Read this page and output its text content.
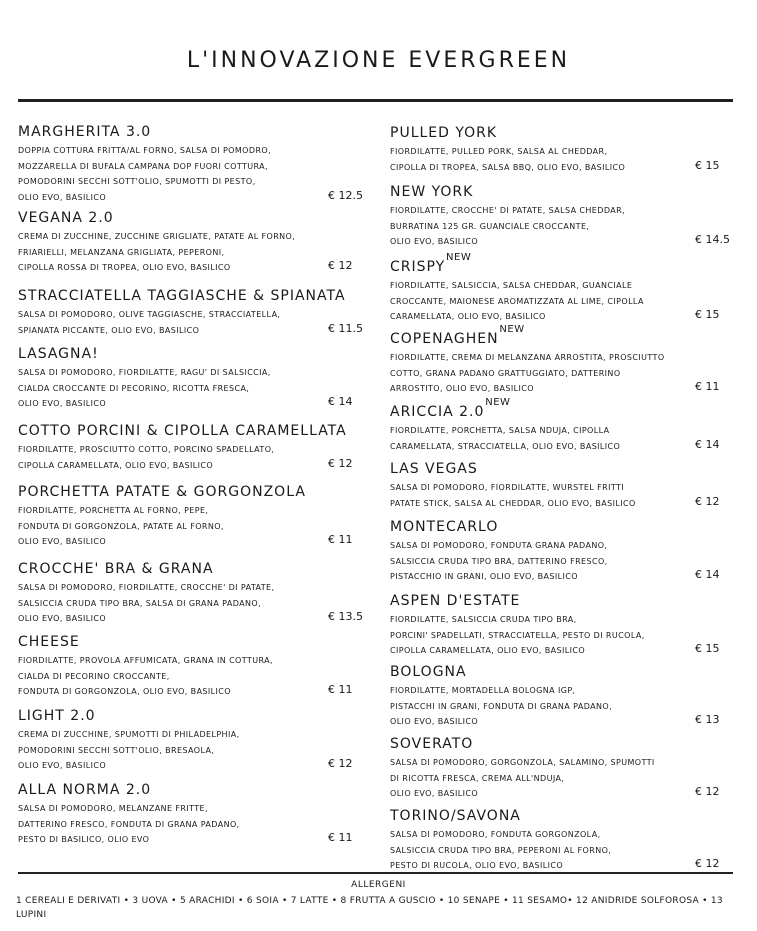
L'INNOVAZIONE EVERGREEN
MARGHERITA 3.0
DOPPIA COTTURA FRITTA/AL FORNO, SALSA DI POMODRO,
MOZZARELLA DI BUFALA CAMPANA DOP FUORI COTTURA,
POMODORINI SECCHI SOTT'OLIO, SPUMOTTI DI PESTO,
OLIO EVO, BASILICO	€ 12.5
VEGANA 2.0
CREMA DI ZUCCHINE, ZUCCHINE GRIGLIATE, PATATE AL FORNO,
FRIARIELLI, MELANZANA GRIGLIATA, PEPERONI,
CIPOLLA ROSSA DI TROPEA, OLIO EVO, BASILICO	€ 12
STRACCIATELLA TAGGIASCHE & SPIANATA
SALSA DI POMODORO, OLIVE TAGGIASCHE, STRACCIATELLA,
SPIANATA PICCANTE, OLIO EVO, BASILICO	€ 11.5
LASAGNA!
SALSA DI POMODORO, FIORDILATTE, RAGU' DI SALSICCIA,
CIALDA CROCCANTE DI PECORINO, RICOTTA FRESCA,
OLIO EVO, BASILICO	€ 14
COTTO PORCINI & CIPOLLA CARAMELLATA
FIORDILATTE, PROSCIUTTO COTTO, PORCINO SPADELLATO,
CIPOLLA CARAMELLATA, OLIO EVO, BASILICO	€ 12
PORCHETTA PATATE & GORGONZOLA
FIORDILATTE, PORCHETTA AL FORNO, PEPE,
FONDUTA DI GORGONZOLA, PATATE AL FORNO,
OLIO EVO, BASILICO	€ 11
CROCCHE' BRA & GRANA
SALSA DI POMODORO, FIORDILATTE, CROCCHE' DI PATATE,
SALSICCIA CRUDA TIPO BRA, SALSA DI GRANA PADANO,
OLIO EVO, BASILICO	€ 13.5
CHEESE
FIORDILATTE, PROVOLA AFFUMICATA, GRANA IN COTTURA,
CIALDA DI PECORINO CROCCANTE,
FONDUTA DI GORGONZOLA, OLIO EVO, BASILICO	€ 11
LIGHT 2.0
CREMA DI ZUCCHINE, SPUMOTTI DI PHILADELPHIA,
POMODORINI SECCHI SOTT'OLIO, BRESAOLA,
OLIO EVO, BASILICO	€ 12
ALLA NORMA 2.0
SALSA DI POMODORO, MELANZANE FRITTE,
DATTERINO FRESCO, FONDUTA DI GRANA PADANO,
PESTO DI BASILICO, OLIO EVO	€ 11
PULLED YORK
FIORDILATTE, PULLED PORK, SALSA AL CHEDDAR,
CIPOLLA DI TROPEA, SALSA BBQ, OLIO EVO, BASILICO	€ 15
NEW YORK
FIORDILATTE, CROCCHE' DI PATATE, SALSA CHEDDAR,
BURRATINA 125 GR. GUANCIALE CROCCANTE,
OLIO EVO, BASILICO	€ 14.5
CRISPY
NEW
FIORDILATTE, SALSICCIA, SALSA CHEDDAR, GUANCIALE
CROCCANTE, MAIONESE AROMATIZZATA AL LIME, CIPOLLA
CARAMELLATA, OLIO EVO, BASILICO	€ 15
COPENAGHEN
NEW
FIORDILATTE, CREMA DI MELANZANA ARROSTITA, PROSCIUTTO
COTTO, GRANA PADANO GRATTUGGIATO, DATTERINO
ARROSTITO, OLIO EVO, BASILICO	€ 11
ARICCIA 2.0
NEW
FIORDILATTE, PORCHETTA, SALSA NDUJA, CIPOLLA
CARAMELLATA, STRACCIATELLA, OLIO EVO, BASILICO	€ 14
LAS VEGAS
SALSA DI POMODORO, FIORDILATTE, WURSTEL FRITTI
PATATE STICK, SALSA AL CHEDDAR, OLIO EVO, BASILICO	€ 12
MONTECARLO
SALSA DI POMODORO, FONDUTA GRANA PADANO,
SALSICCIA CRUDA TIPO BRA, DATTERINO FRESCO,
PISTACCHIO IN GRANI, OLIO EVO, BASILICO	€ 14
ASPEN D'ESTATE
FIORDILATTE, SALSICCIA CRUDA TIPO BRA,
PORCINI' SPADELLATI, STRACCIATELLA, PESTO DI RUCOLA,
CIPOLLA CARAMELLATA, OLIO EVO, BASILICO	€ 15
BOLOGNA
FIORDILATTE, MORTADELLA BOLOGNA IGP,
PISTACCHI IN GRANI, FONDUTA DI GRANA PADANO,
OLIO EVO, BASILICO	€ 13
SOVERATO
SALSA DI POMODORO, GORGONZOLA, SALAMINO, SPUMOTTI
DI RICOTTA FRESCA, CREMA ALL'NDUJA,
OLIO EVO, BASILICO	€ 12
TORINO/SAVONA
SALSA DI POMODORO, FONDUTA GORGONZOLA,
SALSICCIA CRUDA TIPO BRA, PEPERONI AL FORNO,
PESTO DI RUCOLA, OLIO EVO, BASILICO	€ 12
ALLERGENI
1 CEREALI E DERIVATI • 3 UOVA • 5 ARACHIDI • 6 SOIA • 7 LATTE • 8 FRUTTA A GUSCIO • 10 SENAPE • 11 SESAMO• 12 ANIDRIDE SOLFOROSA • 13 LUPINI
